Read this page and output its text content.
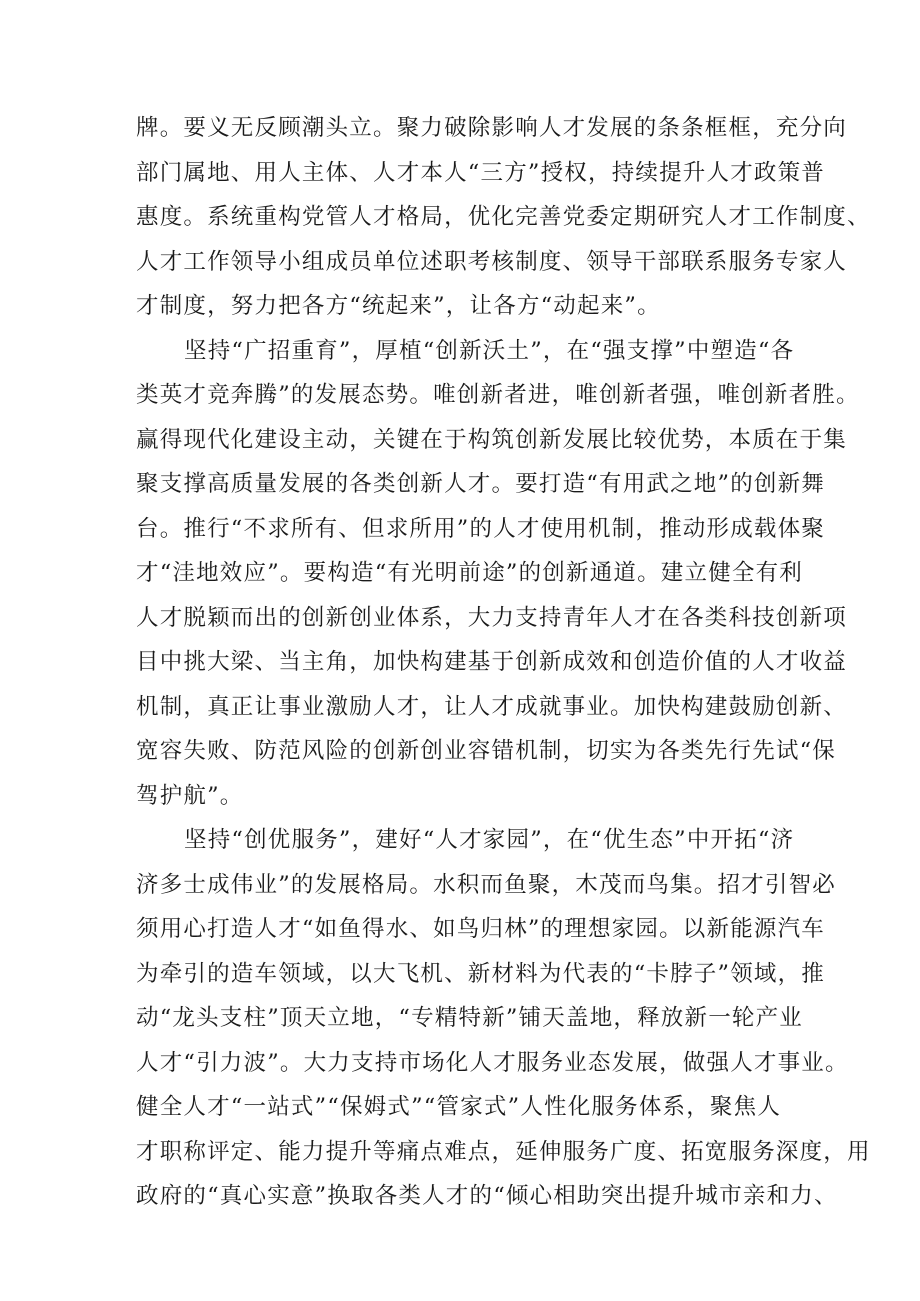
牌。要义无反顾潮头立。聚力破除影响人才发展的条条框框，充分向
部门属地、用人主体、人才本人“三方”授权，持续提升人才政策普
惠度。系统重构党管人才格局，优化完善党委定期研究人才工作制度、
人才工作领导小组成员单位述职考核制度、领导干部联系服务专家人
才制度，努力把各方“统起来”，让各方“动起来”。
坚持“广招重育”，厚植“创新沃土”，在“强支撑”中塑造“各
类英才竞奔腾”的发展态势。唯创新者进，唯创新者强，唯创新者胜。
赢得现代化建设主动，关键在于构筑创新发展比较优势，本质在于集
聚支撑高质量发展的各类创新人才。要打造“有用武之地”的创新舞
台。推行“不求所有、但求所用”的人才使用机制，推动形成载体聚
才“洼地效应”。要构造“有光明前途”的创新通道。建立健全有利
人才脱颖而出的创新创业体系，大力支持青年人才在各类科技创新项
目中挑大梁、当主角，加快构建基于创新成效和创造价值的人才收益
机制，真正让事业激励人才，让人才成就事业。加快构建鼓励创新、
宽容失败、防范风险的创新创业容错机制，切实为各类先行先试“保
驾护航”。
坚持“创优服务”，建好“人才家园”，在“优生态”中开拓“济
济多士成伟业”的发展格局。水积而鱼聚，木茂而鸟集。招才引智必
须用心打造人才“如鱼得水、如鸟归林”的理想家园。以新能源汽车
为牵引的造车领域，以大飞机、新材料为代表的“卡脖子”领域，推
动“龙头支柱”顶天立地，“专精特新”铺天盖地，释放新一轮产业
人才“引力波”。大力支持市场化人才服务业态发展，做强人才事业。
健全人才“一站式”“保姆式”“管家式”人性化服务体系，聚焦人
才职称评定、能力提升等痛点难点，延伸服务广度、拓宽服务深度，用
政府的“真心实意”换取各类人才的“倾心相助突出提升城市亲和力、
